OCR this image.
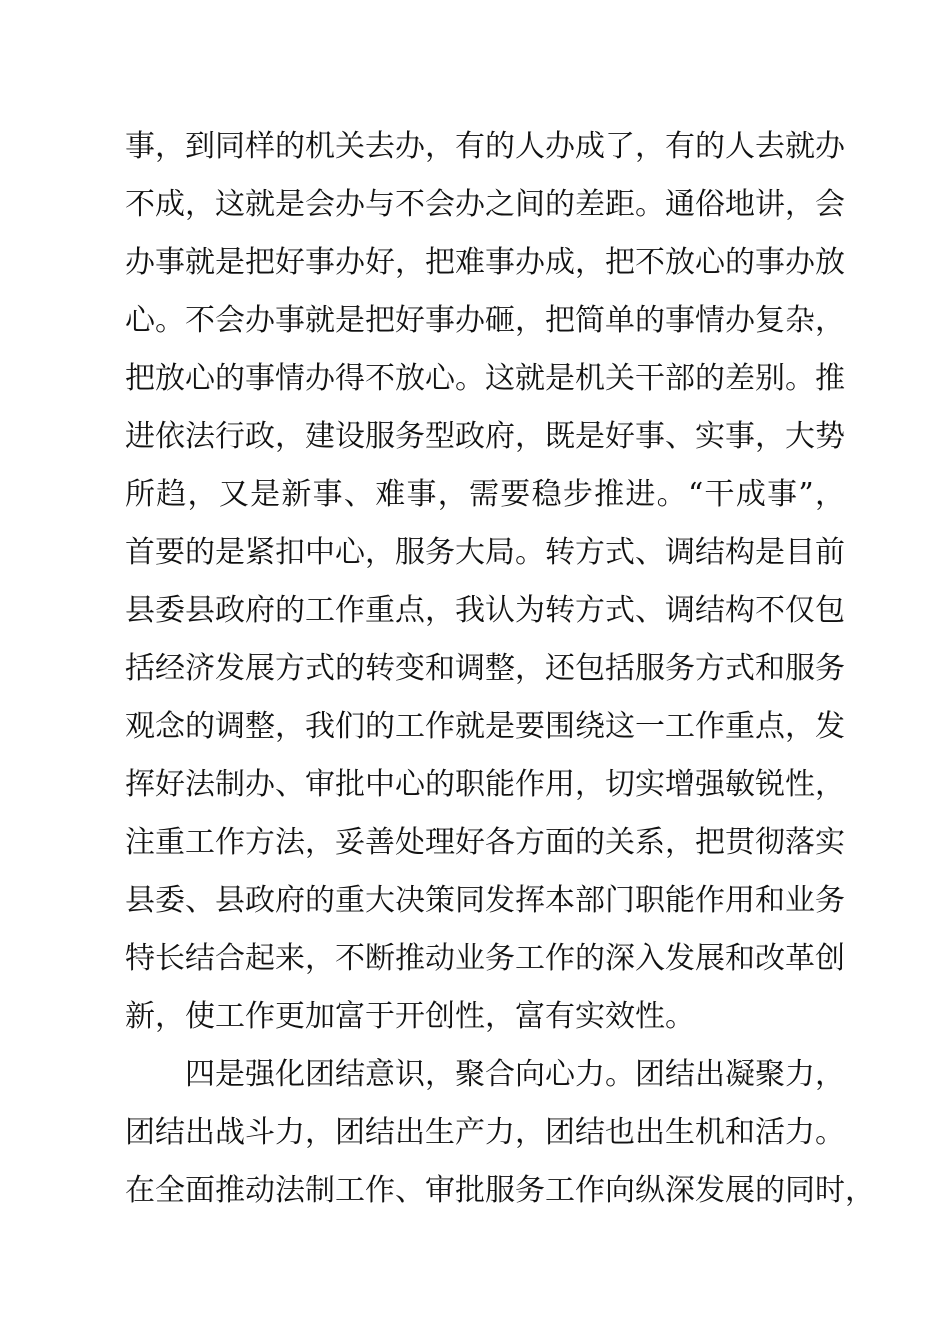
事，到同样的机关去办，有的人办成了，有的人去就办
不成，这就是会办与不会办之间的差距。通俗地讲，会
办事就是把好事办好，把难事办成，把不放心的事办放
心。不会办事就是把好事办砸，把简单的事情办复杂，
把放心的事情办得不放心。这就是机关干部的差别。推
进依法行政，建设服务型政府，既是好事、实事，大势
所趋，又是新事、难事，需要稳步推进。“干成事”，
首要的是紧扣中心，服务大局。转方式、调结构是目前
县委县政府的工作重点，我认为转方式、调结构不仅包
括经济发展方式的转变和调整，还包括服务方式和服务
观念的调整，我们的工作就是要围绕这一工作重点，发
挥好法制办、审批中心的职能作用，切实增强敏锐性，
注重工作方法，妥善处理好各方面的关系，把贯彻落实
县委、县政府的重大决策同发挥本部门职能作用和业务
特长结合起来，不断推动业务工作的深入发展和改革创
新，使工作更加富于开创性，富有实效性。
四是强化团结意识，聚合向心力。团结出凝聚力，
团结出战斗力，团结出生产力，团结也出生机和活力。
在全面推动法制工作、审批服务工作向纵深发展的同时，
